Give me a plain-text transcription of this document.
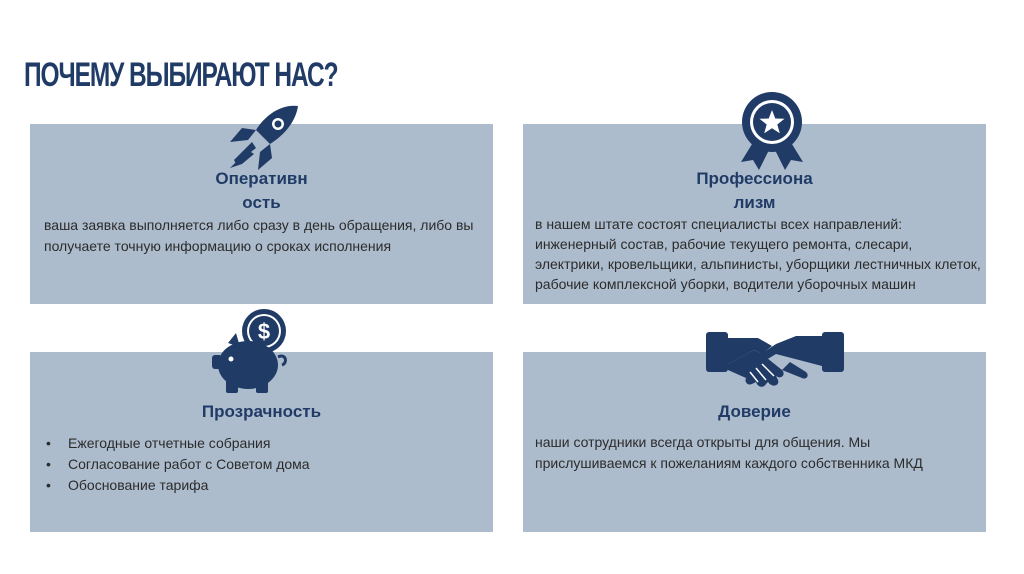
ПОЧЕМУ ВЫБИРАЮТ НАС?
Оперативн
ость
ваша заявка выполняется либо сразу в день обращения, либо вы получаете точную информацию о сроках исполнения
Профессиона
лизм
в нашем штате состоят специалисты всех направлений: инженерный состав, рабочие текущего ремонта, слесари, электрики, кровельщики, альпинисты, уборщики лестничных клеток, рабочие комплексной уборки, водители уборочных машин
Прозрачность
• Ежегодные отчетные собрания
• Согласование работ с Советом дома
• Обоснование тарифа
Доверие
наши сотрудники всегда открыты для общения. Мы прислушиваемся к пожеланиям каждого собственника МКД
$
